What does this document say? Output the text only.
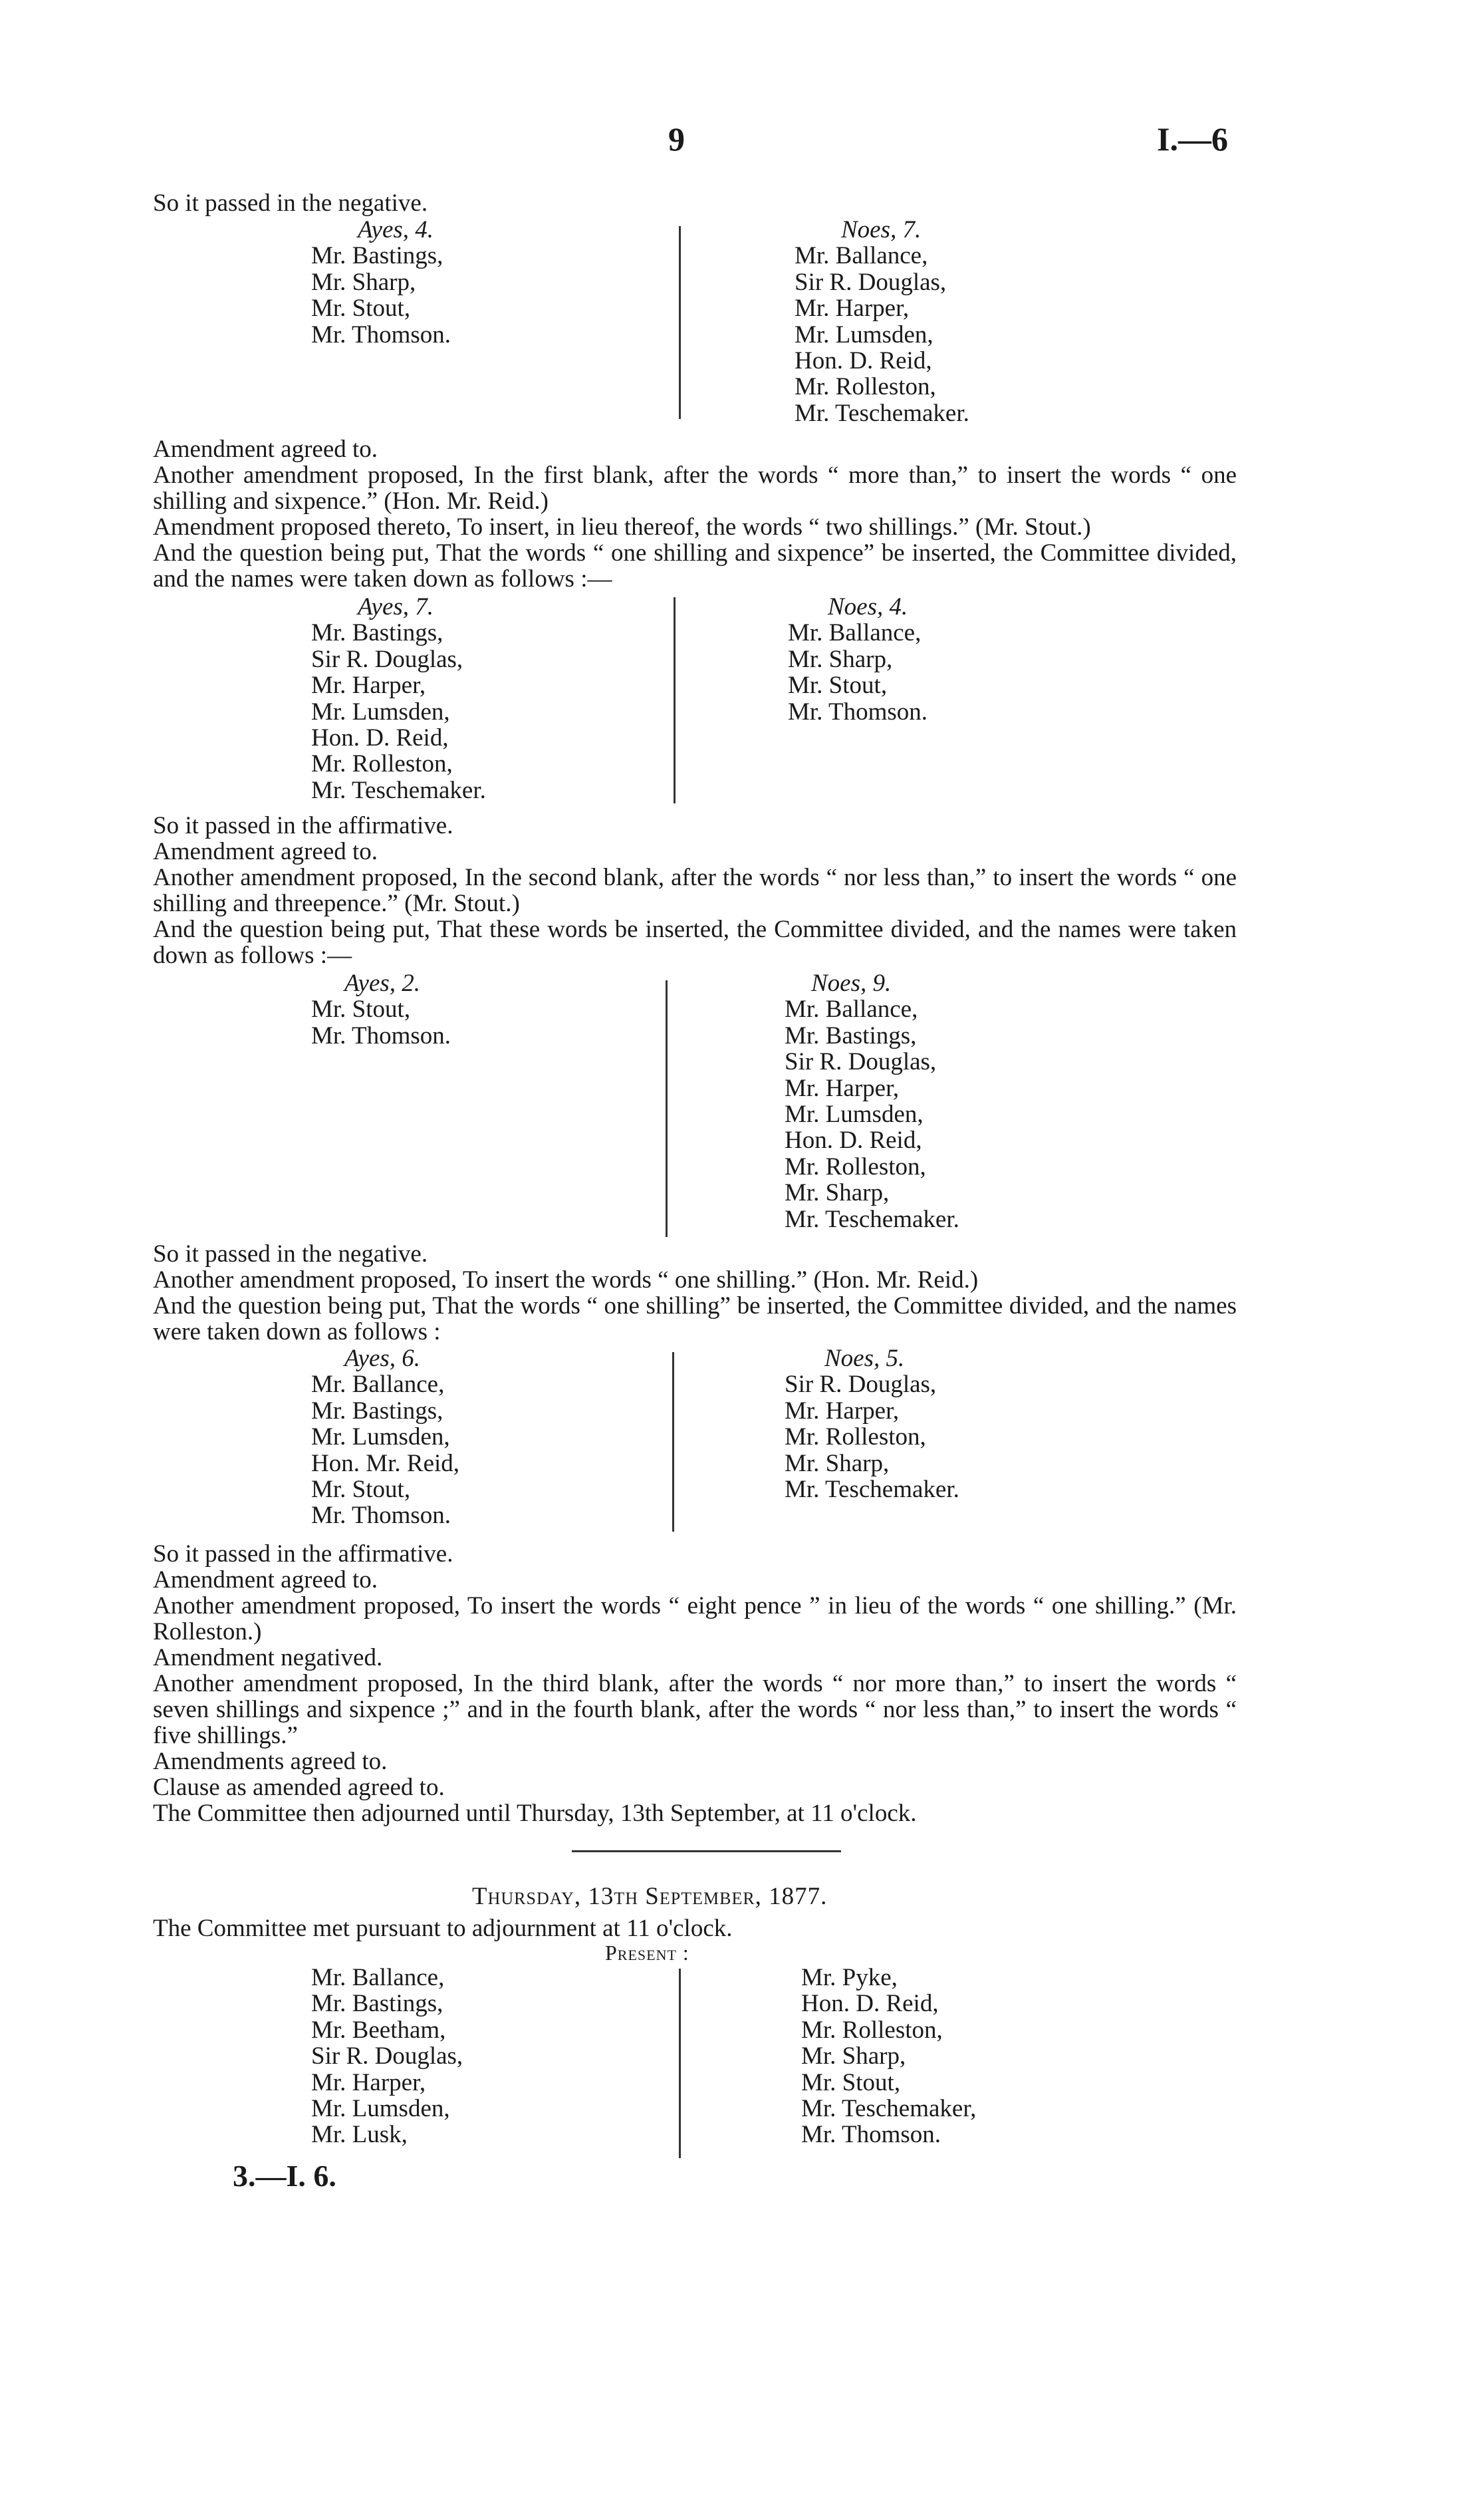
9	I.—6
So it passed in the negative.
Ayes, 4.
Mr. Bastings,
Mr. Sharp,
Mr. Stout,
Mr. Thomson.
Noes, 7.
Mr. Ballance,
Sir R. Douglas,
Mr. Harper,
Mr. Lumsden,
Hon. D. Reid,
Mr. Rolleston,
Mr. Teschemaker.
Amendment agreed to.
Another amendment proposed, In the first blank, after the words “ more than,” to insert the words “ one shilling and sixpence.” (Hon. Mr. Reid.)
Amendment proposed thereto, To insert, in lieu thereof, the words “ two shillings.” (Mr. Stout.)
And the question being put, That the words “ one shilling and sixpence” be inserted, the Committee divided, and the names were taken down as follows :—
Ayes, 7.
Mr. Bastings,
Sir R. Douglas,
Mr. Harper,
Mr. Lumsden,
Hon. D. Reid,
Mr. Rolleston,
Mr. Teschemaker.
Noes, 4.
Mr. Ballance,
Mr. Sharp,
Mr. Stout,
Mr. Thomson.
So it passed in the affirmative.
Amendment agreed to.
Another amendment proposed, In the second blank, after the words “ nor less than,” to insert the words “ one shilling and threepence.” (Mr. Stout.)
And the question being put, That these words be inserted, the Committee divided, and the names were taken down as follows :—
Ayes, 2.
Mr. Stout,
Mr. Thomson.
Noes, 9.
Mr. Ballance,
Mr. Bastings,
Sir R. Douglas,
Mr. Harper,
Mr. Lumsden,
Hon. D. Reid,
Mr. Rolleston,
Mr. Sharp,
Mr. Teschemaker.
So it passed in the negative.
Another amendment proposed, To insert the words “ one shilling.” (Hon. Mr. Reid.)
And the question being put, That the words “ one shilling” be inserted, the Committee divided, and the names were taken down as follows :
Ayes, 6.
Mr. Ballance,
Mr. Bastings,
Mr. Lumsden,
Hon. Mr. Reid,
Mr. Stout,
Mr. Thomson.
Noes, 5.
Sir R. Douglas,
Mr. Harper,
Mr. Rolleston,
Mr. Sharp,
Mr. Teschemaker.
So it passed in the affirmative.
Amendment agreed to.
Another amendment proposed, To insert the words “ eight pence ” in lieu of the words “ one shilling.” (Mr. Rolleston.)
Amendment negatived.
Another amendment proposed, In the third blank, after the words “ nor more than,” to insert the words “ seven shillings and sixpence ;” and in the fourth blank, after the words “ nor less than,” to insert the words “ five shillings.”
Amendments agreed to.
Clause as amended agreed to.
The Committee then adjourned until Thursday, 13th September, at 11 o'clock.
Thursday, 13th September, 1877.
The Committee met pursuant to adjournment at 11 o'clock.
Present :
Mr. Ballance,
Mr. Bastings,
Mr. Beetham,
Sir R. Douglas,
Mr. Harper,
Mr. Lumsden,
Mr. Lusk,
Mr. Pyke,
Hon. D. Reid,
Mr. Rolleston,
Mr. Sharp,
Mr. Stout,
Mr. Teschemaker,
Mr. Thomson.
3.—I. 6.
